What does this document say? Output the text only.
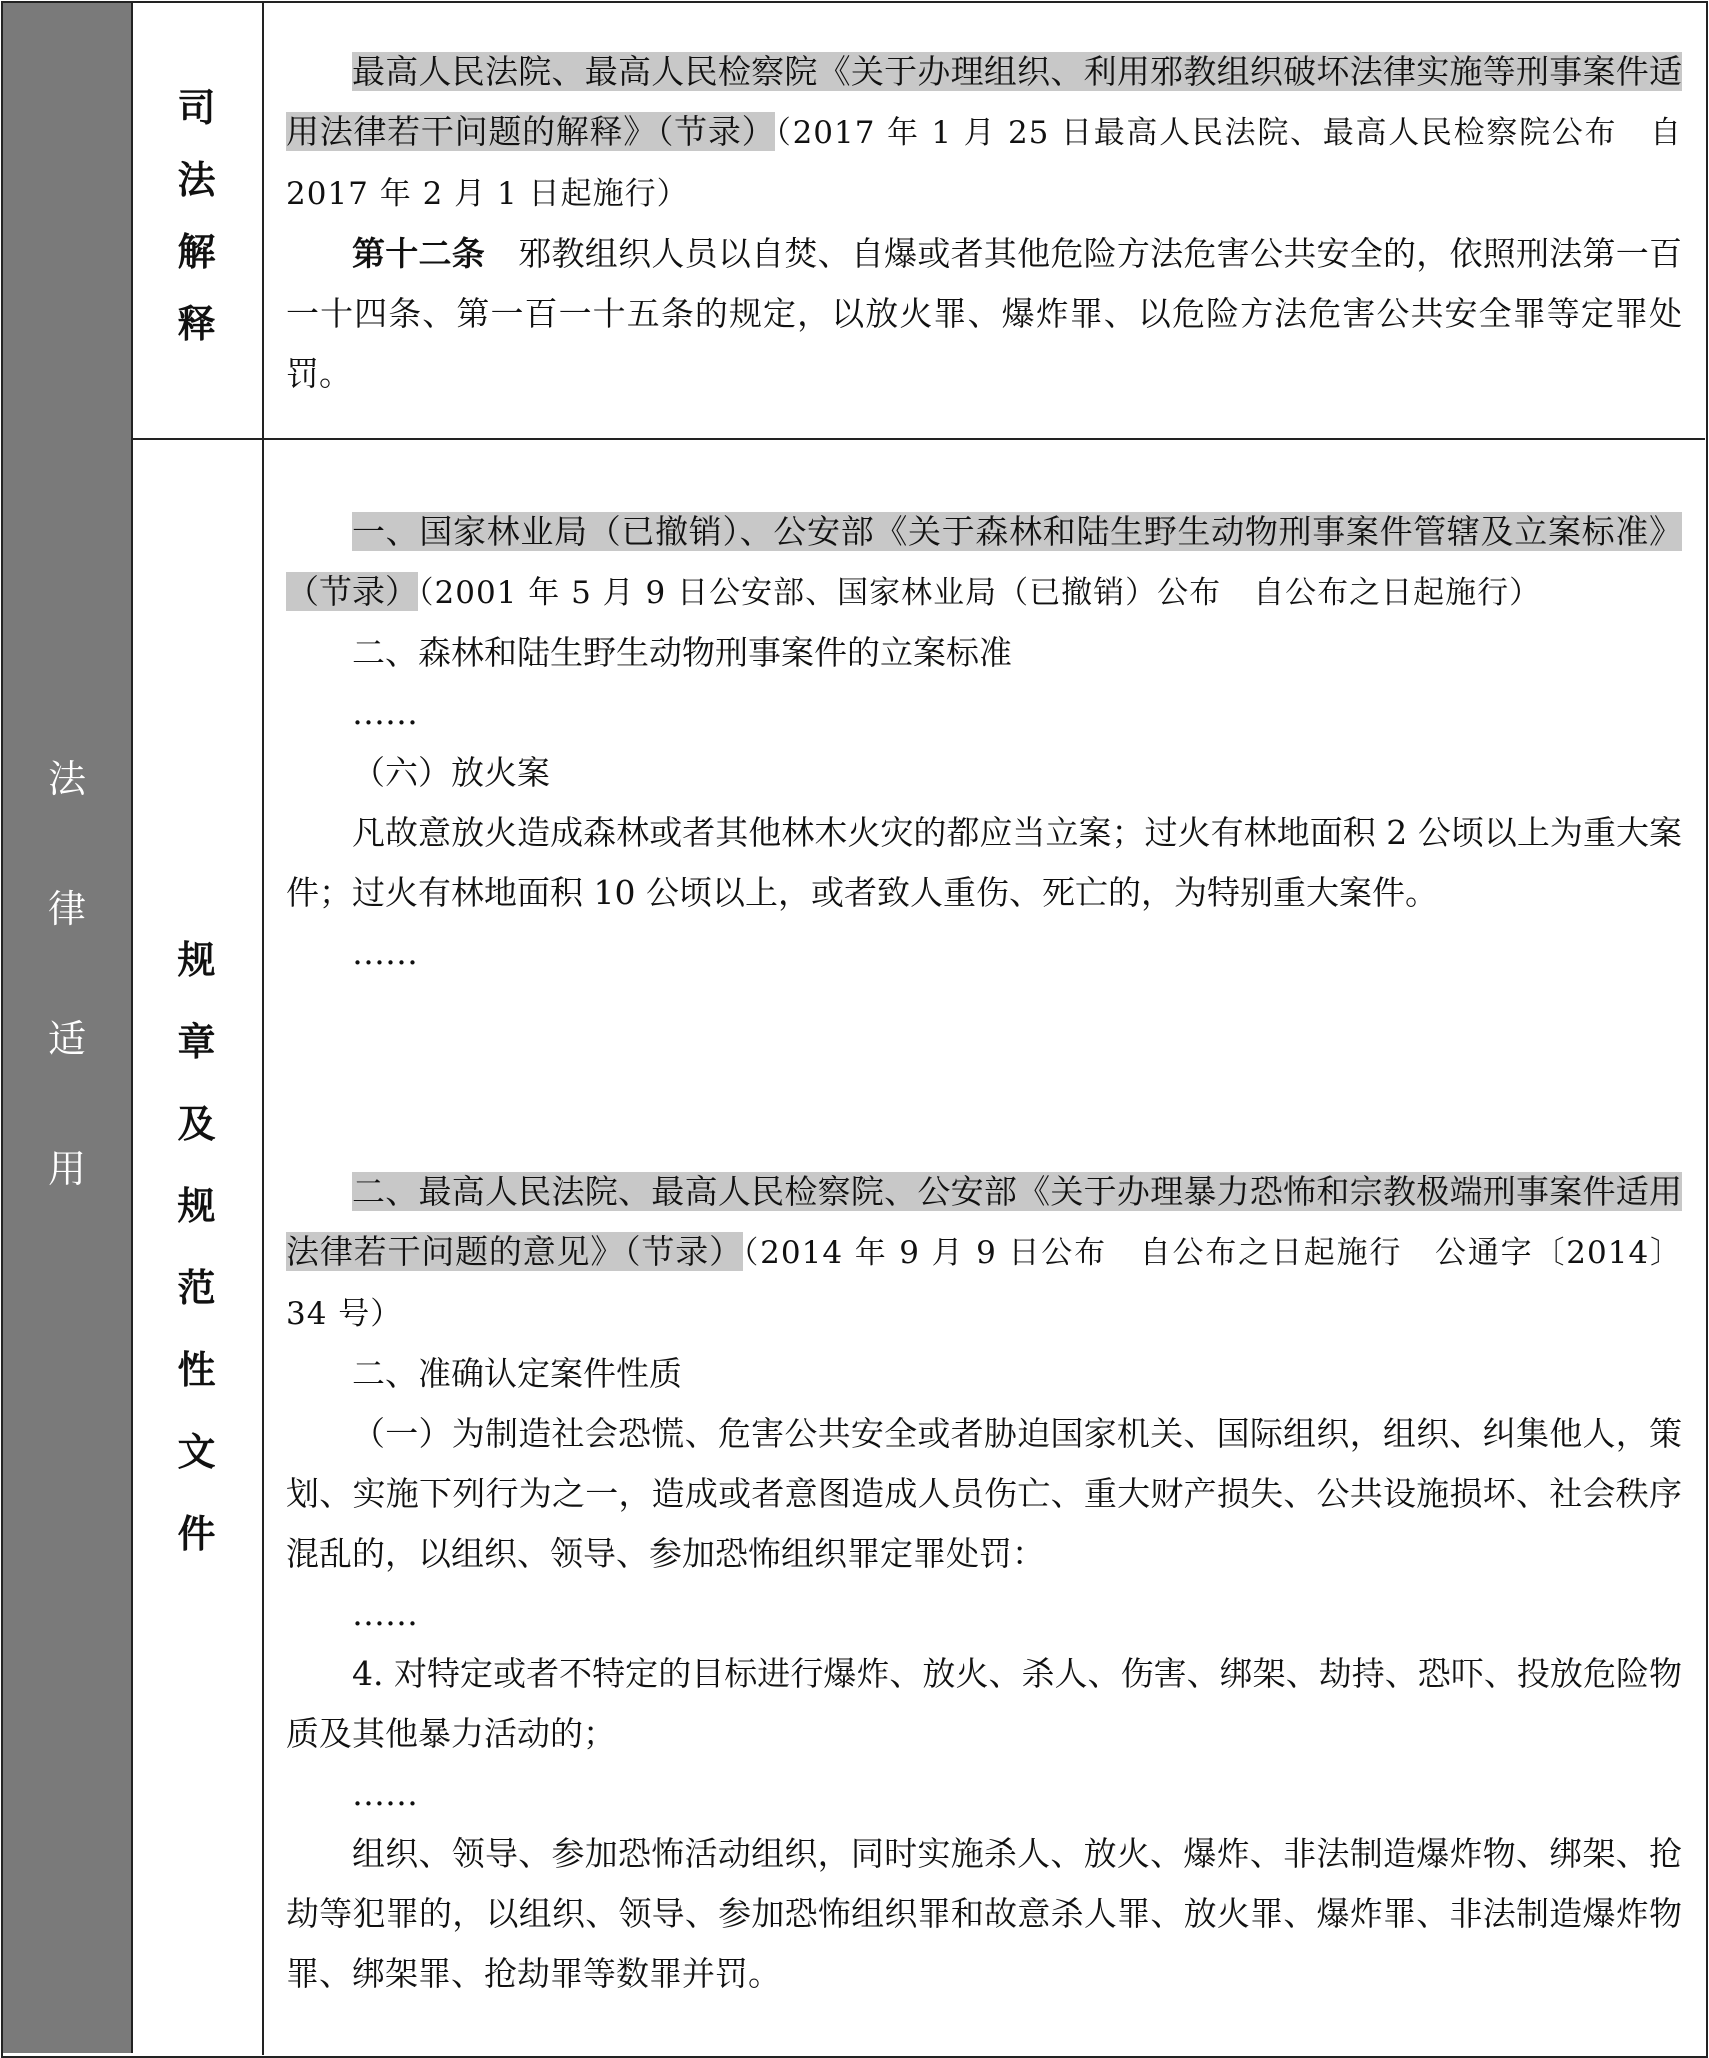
法
律
适
用
司
法
解
释
规
章
及
规
范
性
文
件

最高人民法院、最高人民检察院《关于办理组织、利用邪教组织破坏法律实施等刑事案件适用法律若干问题的解释》（节录）（2017 年 1 月 25 日最高人民法院、最高人民检察院公布　自 2017 年 2 月 1 日起施行）

第十二条　 邪教组织人员以自焚、自爆或者其他危险方法危害公共安全的，依照刑法第一百一十四条、第一百一十五条的规定，以放火罪、爆炸罪、以危险方法危害公共安全罪等定罪处罚。

一、国家林业局（已撤销）、公安部《关于森林和陆生野生动物刑事案件管辖及立案标准》（节录）（2001 年 5 月 9 日公安部、国家林业局（已撤销）公布　自公布之日起施行）

二、森林和陆生野生动物刑事案件的立案标准

……

（六）放火案

凡故意放火造成森林或者其他林木火灾的都应当立案；过火有林地面积 2 公顷以上为重大案件；过火有林地面积 10 公顷以上，或者致人重伤、死亡的，为特别重大案件。

……

二、最高人民法院、最高人民检察院、公安部《关于办理暴力恐怖和宗教极端刑事案件适用法律若干问题的意见》（节录）（2014 年 9 月 9 日公布　自公布之日起施行　公通字〔2014〕34 号）

二、准确认定案件性质

（一）为制造社会恐慌、危害公共安全或者胁迫国家机关、国际组织，组织、纠集他人，策划、实施下列行为之一，造成或者意图造成人员伤亡、重大财产损失、公共设施损坏、社会秩序混乱的，以组织、领导、参加恐怖组织罪定罪处罚：

……

4. 对特定或者不特定的目标进行爆炸、放火、杀人、伤害、绑架、劫持、恐吓、投放危险物质及其他暴力活动的；

……

组织、领导、参加恐怖活动组织，同时实施杀人、放火、爆炸、非法制造爆炸物、绑架、抢劫等犯罪的，以组织、领导、参加恐怖组织罪和故意杀人罪、放火罪、爆炸罪、非法制造爆炸物罪、绑架罪、抢劫罪等数罪并罚。
